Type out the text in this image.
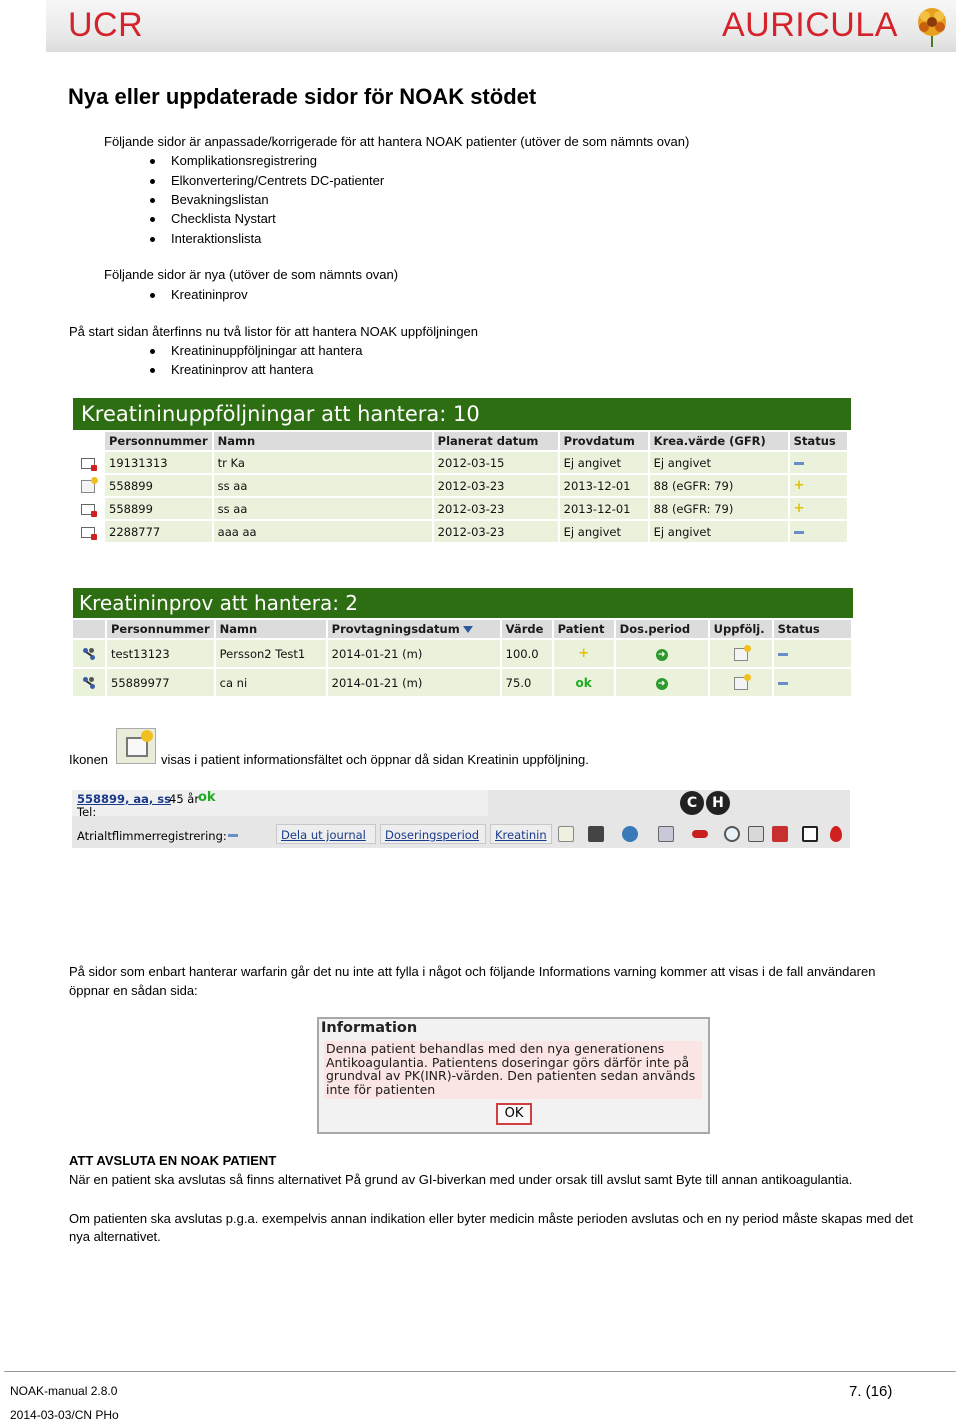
UCR	AURICULA
Nya eller uppdaterade sidor för NOAK stödet
Följande sidor är anpassade/korrigerade för att hantera NOAK patienter (utöver de som nämnts ovan)
Komplikationsregistrering
Elkonvertering/Centrets DC-patienter
Bevakningslistan
Checklista Nystart
Interaktionslista
Följande sidor är nya (utöver de som nämnts ovan)
Kreatininprov
På start sidan återfinns nu två listor för att hantera NOAK uppföljningen
Kreatininuppföljningar att hantera
Kreatininprov att hantera
Kreatininuppföljningar att hantera: 10
	Personnummer	Namn	Planerat datum	Provdatum	Krea.värde (GFR)	Status
	19131313	tr Ka	2012-03-15	Ej angivet	Ej angivet	
	558899	ss aa	2012-03-23	2013-12-01	88 (eGFR: 79)	+
	558899	ss aa	2012-03-23	2013-12-01	88 (eGFR: 79)	+
	2288777	aaa aa	2012-03-23	Ej angivet	Ej angivet	
Kreatininprov att hantera: 2
	Personnummer	Namn	Provtagningsdatum	Värde	Patient	Dos.period	Uppfölj.	Status
	test13123	Persson2 Test1	2014-01-21 (m)	100.0	+	➜		
	55889977	ca ni	2014-01-21 (m)	75.0	ok	➜		
Ikonen	visas i patient informationsfältet och öppnar då sidan Kreatinin uppföljning.
558899, aa, ss
45 år
ok
Tel:
C	H
Atrialtflimmerregistrering:	Dela ut journal	Doseringsperiod	Kreatinin
På sidor som enbart hanterar warfarin går det nu inte att fylla i något och följande Informations varning kommer att visas i de fall användaren öppnar en sådan sida:
Information
Denna patient behandlas med den nya generationens Antikoagulantia. Patientens doseringar görs därför inte på grundval av PK(INR)-värden. Den patienten sedan används inte för patienten
OK
ATT AVSLUTA EN NOAK PATIENT
När en patient ska avslutas så finns alternativet På grund av GI-biverkan med under orsak till avslut samt Byte till annan antikoagulantia.
Om patienten ska avslutas p.g.a. exempelvis annan indikation eller byter medicin måste perioden avslutas och en ny period måste skapas med det nya alternativet.
NOAK-manual 2.8.0
2014-03-03/CN PHo
7. (16)
